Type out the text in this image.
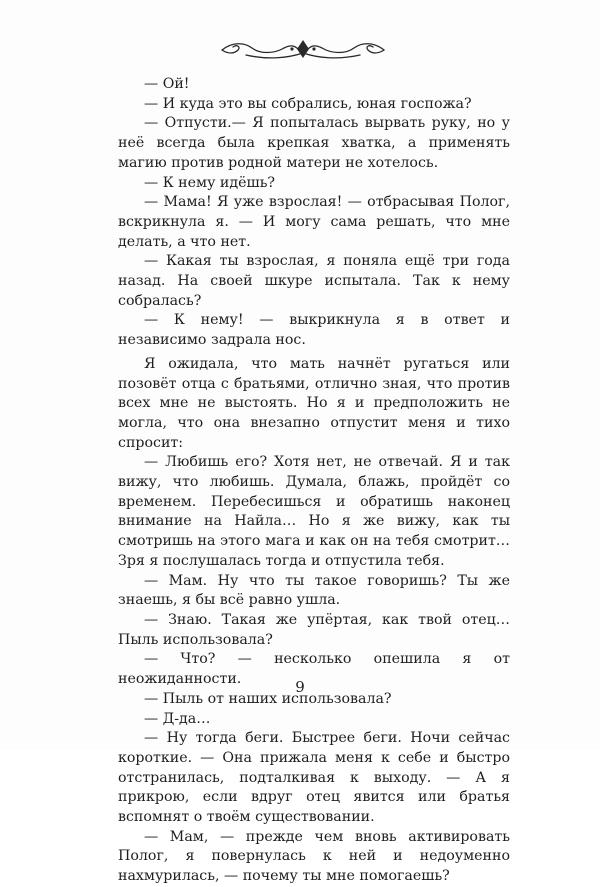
— Ой!

— И куда это вы собрались, юная госпожа?

— Отпусти.— Я попыталась вырвать руку, но у неё всегда была крепкая хватка, а применять магию против родной матери не хотелось.

— К нему идёшь?

— Мама! Я уже взрослая! — отбрасывая Полог, вскрикнула я. — И могу сама решать, что мне делать, а что нет.

— Какая ты взрослая, я поняла ещё три года назад. На своей шкуре испытала. Так к нему собралась?

— К нему! — выкрикнула я в ответ и независимо задрала нос.

Я ожидала, что мать начнёт ругаться или позовёт отца с братьями, отлично зная, что против всех мне не выстоять. Но я и предположить не могла, что она внезапно отпустит меня и тихо спросит:

— Любишь его? Хотя нет, не отвечай. Я и так вижу, что любишь. Думала, блажь, пройдёт со временем. Перебесишься и обратишь наконец внимание на Найла… Но я же вижу, как ты смотришь на этого мага и как он на тебя смотрит… Зря я послушалась тогда и отпустила тебя.

— Мам. Ну что ты такое говоришь? Ты же знаешь, я бы всё равно ушла.

— Знаю. Такая же упёртая, как твой отец… Пыль использовала?

— Что? — несколько опешила я от неожиданности.

— Пыль от наших использовала?

— Д-да…

— Ну тогда беги. Быстрее беги. Ночи сейчас короткие. — Она прижала меня к себе и быстро отстранилась, подталкивая к выходу. — А я прикрою, если вдруг отец явится или братья вспомнят о твоём существовании.

— Мам, — прежде чем вновь активировать Полог, я повернулась к ней и недоуменно нахмурилась, — почему ты мне помогаешь?

9
